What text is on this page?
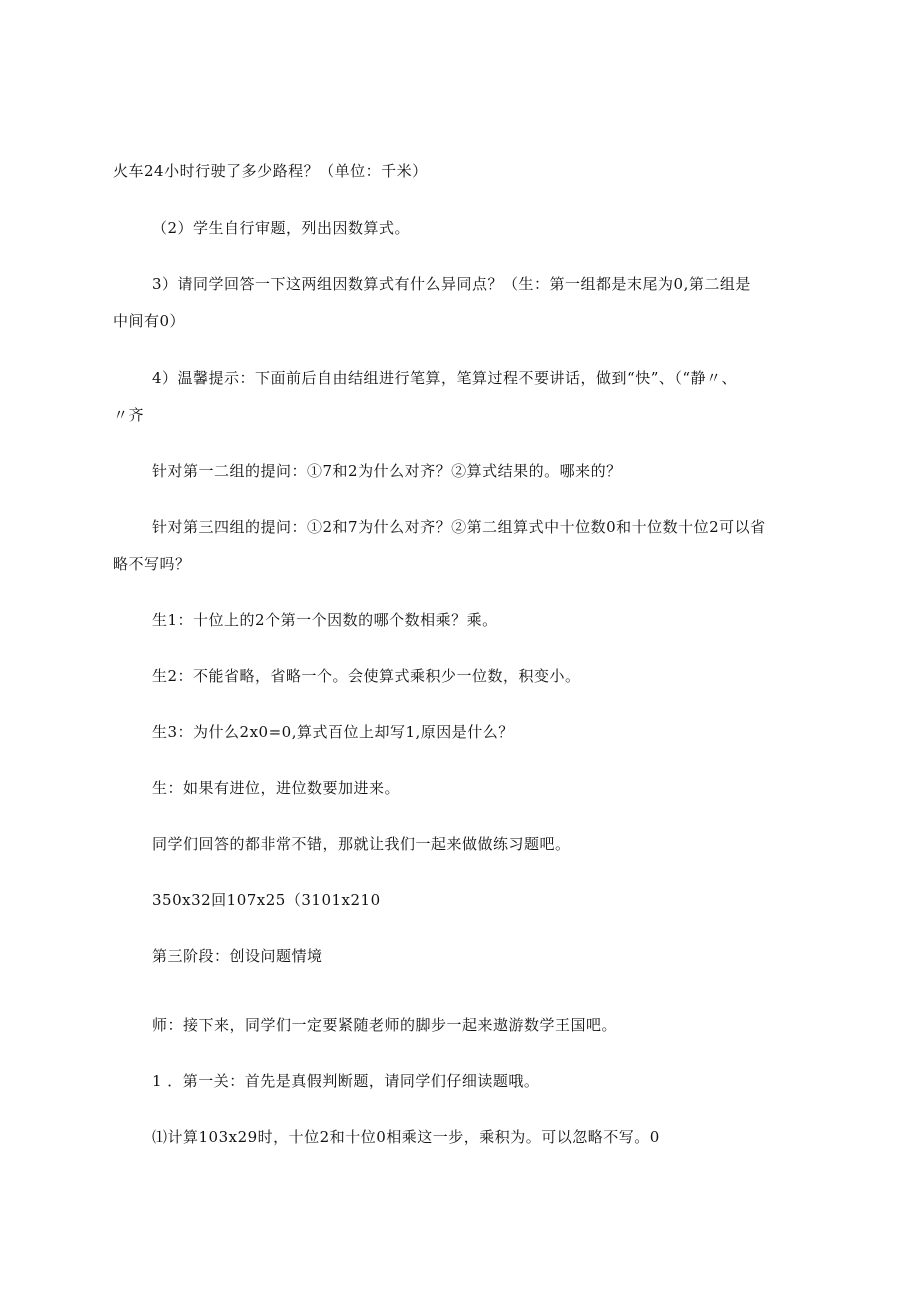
火车24小时行驶了多少路程？（单位：千米）
（2）学生自行审题，列出因数算式。
3）请同学回答一下这两组因数算式有什么异同点？（生：第一组都是末尾为0,第二组是
中间有0）
4）温馨提示：下面前后自由结组进行笔算，笔算过程不要讲话，做到“快”、（“静〃、
〃齐
针对第一二组的提问：①7和2为什么对齐？②算式结果的。哪来的？
针对第三四组的提问：①2和7为什么对齐？②第二组算式中十位数0和十位数十位2可以省
略不写吗？
生1：十位上的2个第一个因数的哪个数相乘？乘。
生2：不能省略，省略一个。会使算式乘积少一位数，积变小。
生3：为什么2x0=0,算式百位上却写1,原因是什么？
生：如果有进位，进位数要加进来。
同学们回答的都非常不错，那就让我们一起来做做练习题吧。
350x32回107x25（3101x210
第三阶段：创设问题情境
师：接下来，同学们一定要紧随老师的脚步一起来遨游数学王国吧。
1 ．第一关：首先是真假判断题，请同学们仔细读题哦。
⑴计算103x29时，十位2和十位0相乘这一步，乘积为。可以忽略不写。0
